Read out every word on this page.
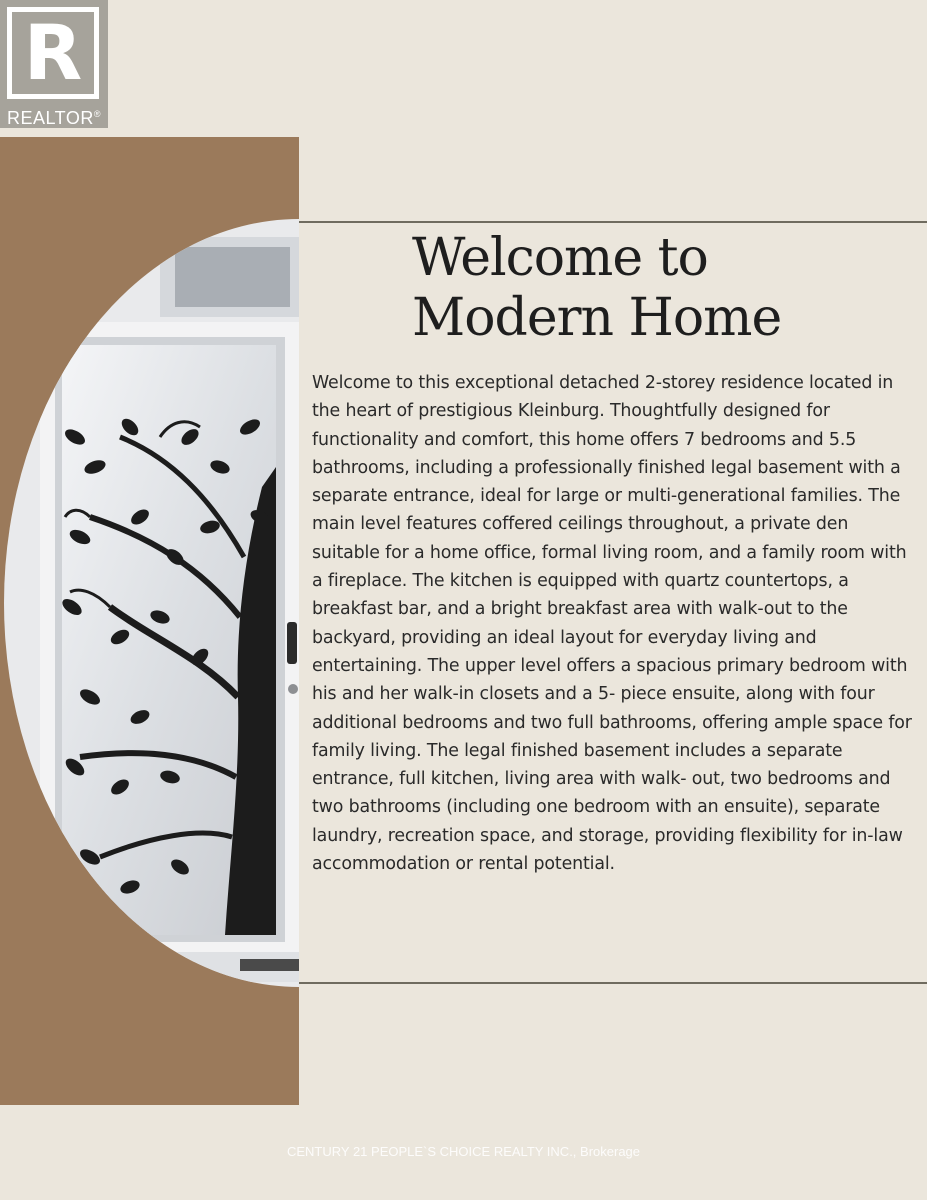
R
REALTOR®
Welcome to
Modern Home
Welcome to this exceptional detached 2-storey residence located in the heart of prestigious Kleinburg. Thoughtfully designed for functionality and comfort, this home offers 7 bedrooms and 5.5 bathrooms, including a professionally finished legal basement with a separate entrance, ideal for large or multi-generational families. The main level features coffered ceilings throughout, a private den suitable for a home office, formal living room, and a family room with a fireplace. The kitchen is equipped with quartz countertops, a breakfast bar, and a bright breakfast area with walk-out to the backyard, providing an ideal layout for everyday living and entertaining. The upper level offers a spacious primary bedroom with his and her walk-in closets and a 5- piece ensuite, along with four additional bedrooms and two full bathrooms, offering ample space for family living. The legal finished basement includes a separate entrance, full kitchen, living area with walk- out, two bedrooms and two bathrooms (including one bedroom with an ensuite), separate laundry, recreation space, and storage, providing flexibility for in-law accommodation or rental potential.
CENTURY 21 PEOPLE`S CHOICE REALTY INC., Brokerage
